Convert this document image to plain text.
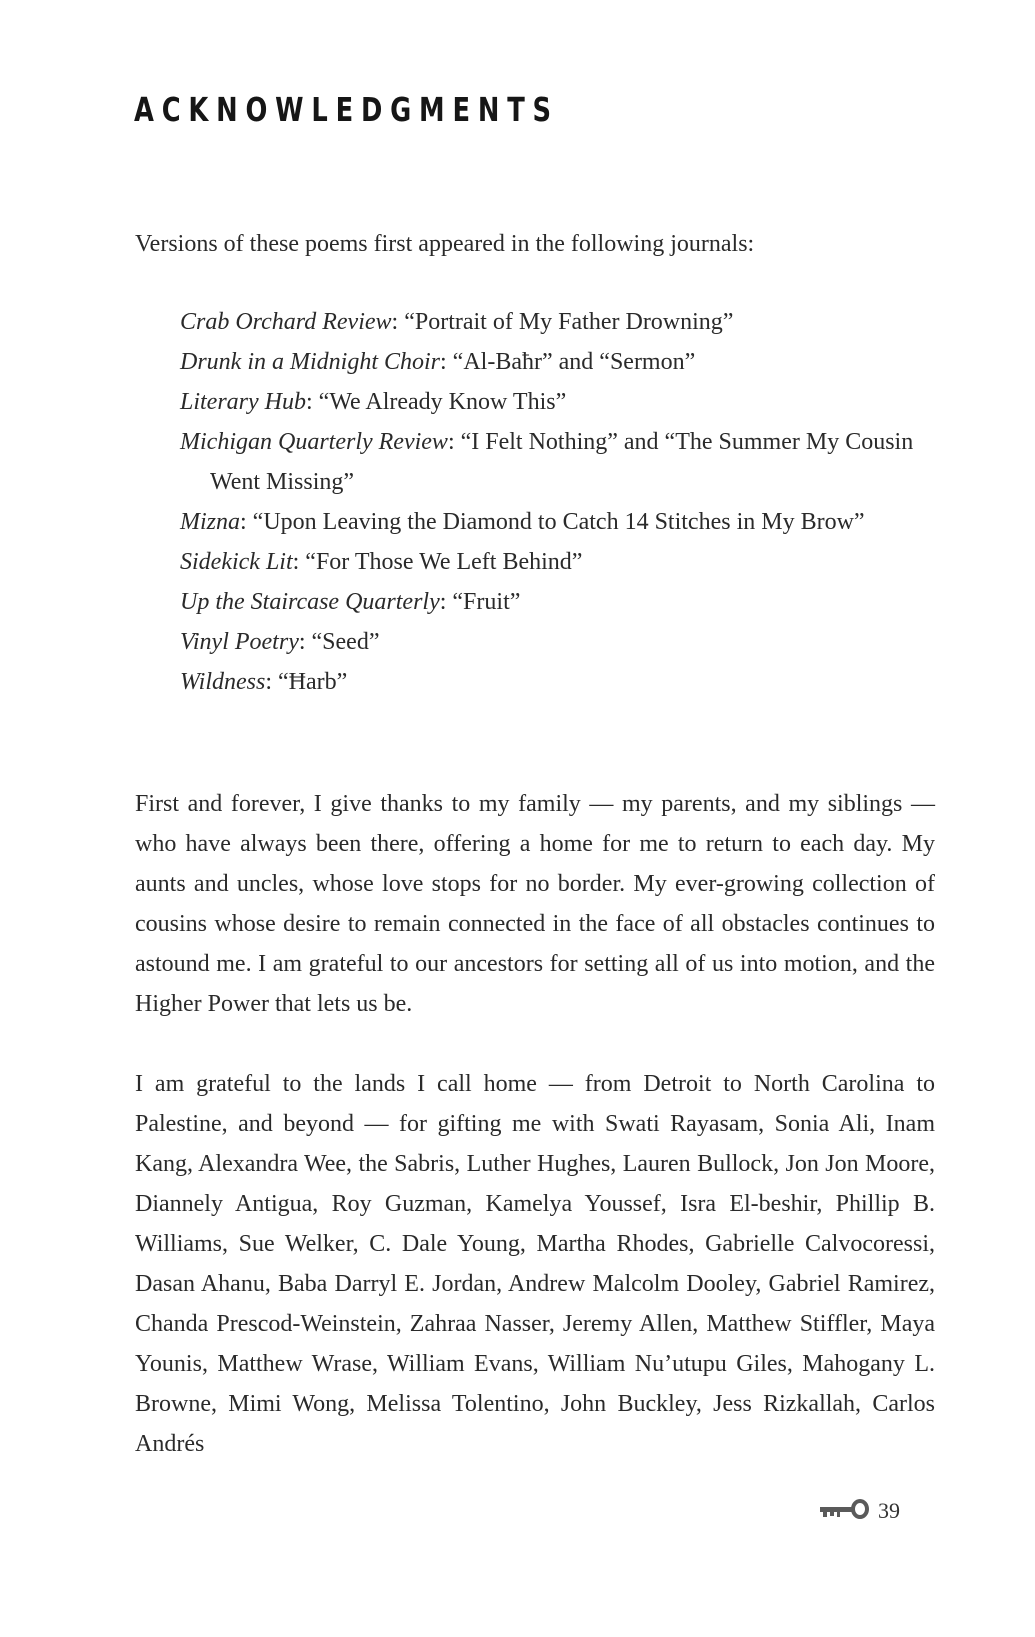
ACKNOWLEDGMENTS

Versions of these poems first appeared in the following journals:

Crab Orchard Review: “Portrait of My Father Drowning”
Drunk in a Midnight Choir: “Al-Baħr” and “Sermon”
Literary Hub: “We Already Know This”
Michigan Quarterly Review: “I Felt Nothing” and “The Summer My Cousin Went Missing”
Mizna: “Upon Leaving the Diamond to Catch 14 Stitches in My Brow”
Sidekick Lit: “For Those We Left Behind”
Up the Staircase Quarterly: “Fruit”
Vinyl Poetry: “Seed”
Wildness: “Ħarb”

First and forever, I give thanks to my family — my parents, and my siblings — who have always been there, offering a home for me to return to each day. My aunts and uncles, whose love stops for no border. My ever-growing collection of cousins whose desire to remain connected in the face of all obstacles continues to astound me. I am grateful to our ancestors for setting all of us into motion, and the Higher Power that lets us be.

I am grateful to the lands I call home — from Detroit to North Carolina to Palestine, and beyond — for gifting me with Swati Rayasam, Sonia Ali, Inam Kang, Alexandra Wee, the Sabris, Luther Hughes, Lauren Bullock, Jon Jon Moore, Diannely Antigua, Roy Guzman, Kamelya Youssef, Isra El-beshir, Phillip B. Williams, Sue Welker, C. Dale Young, Martha Rhodes, Gabrielle Calvocoressi, Dasan Ahanu, Baba Darryl E. Jordan, Andrew Malcolm Dooley, Gabriel Ramirez, Chanda Prescod-Weinstein, Zahraa Nasser, Jeremy Allen, Matthew Stiffler, Maya Younis, Matthew Wrase, William Evans, William Nu’utupu Giles, Mahogany L. Browne, Mimi Wong, Melissa Tolentino, John Buckley, Jess Rizkallah, Carlos Andrés

39
